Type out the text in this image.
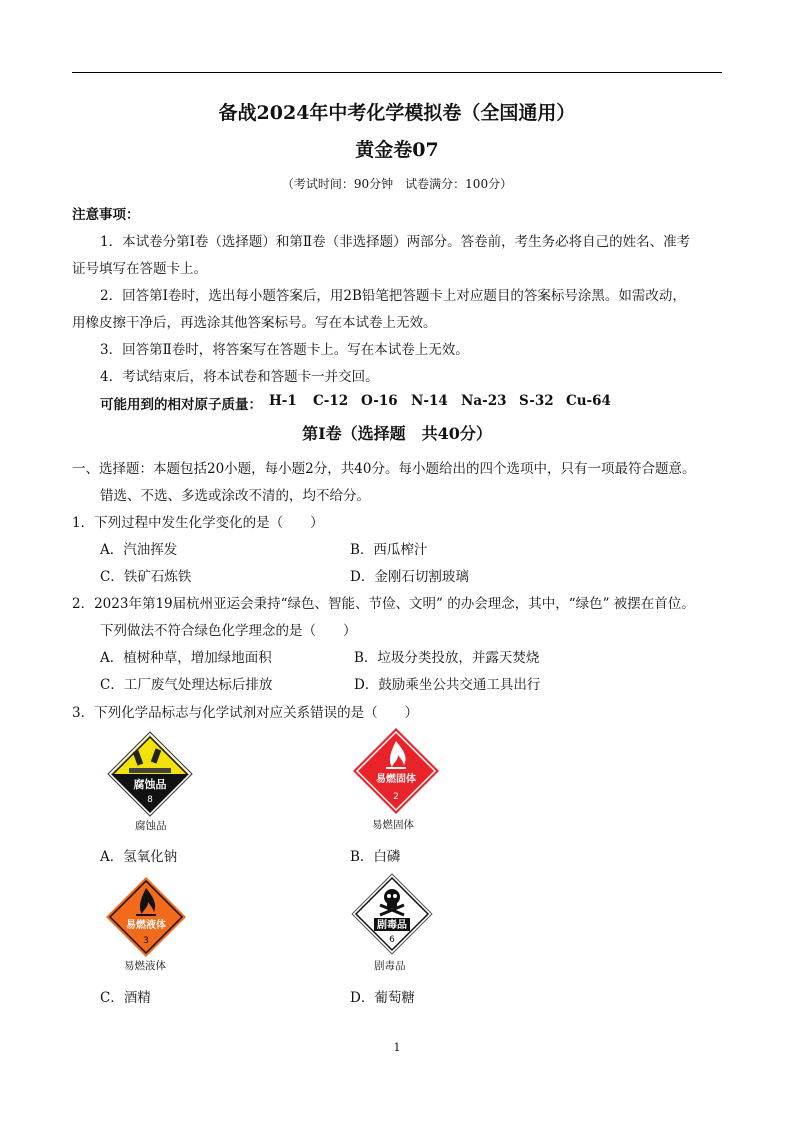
备战2024年中考化学模拟卷（全国通用）
黄金卷07
（考试时间：90分钟　试卷满分：100分）
注意事项：
1．本试卷分第Ⅰ卷（选择题）和第Ⅱ卷（非选择题）两部分。答卷前，考生务必将自己的姓名、准考
证号填写在答题卡上。
2．回答第Ⅰ卷时，选出每小题答案后，用2B铅笔把答题卡上对应题目的答案标号涂黑。如需改动，
用橡皮擦干净后，再选涂其他答案标号。写在本试卷上无效。
3．回答第Ⅱ卷时，将答案写在答题卡上。写在本试卷上无效。
4．考试结束后，将本试卷和答题卡一并交回。
可能用到的相对原子质量： H-1 C-12 O-16 N-14 Na-23 S-32 Cu-64
第Ⅰ卷（选择题　共40分）
一、选择题：本题包括20小题，每小题2分，共40分。每小题给出的四个选项中，只有一项最符合题意。
错选、不选、多选或涂改不清的，均不给分。
1．下列过程中发生化学变化的是（　　）
A．汽油挥发	B．西瓜榨汁
C．铁矿石炼铁	D．金刚石切割玻璃
2．2023年第19届杭州亚运会秉持“绿色、智能、节俭、文明” 的办会理念，其中，“绿色” 被摆在首位。
下列做法不符合绿色化学理念的是（　　）
A．植树种草，增加绿地面积	B．垃圾分类投放，并露天焚烧
C．工厂废气处理达标后排放	D．鼓励乘坐公共交通工具出行
3．下列化学品标志与化学试剂对应关系错误的是（　　）
腐蚀品
8
腐蚀品
A．氢氧化钠
易燃固体
2
易燃固体
B．白磷
易燃液体
3
易燃液体
C．酒精
剧毒品
6
剧毒品
D．葡萄糖
1
